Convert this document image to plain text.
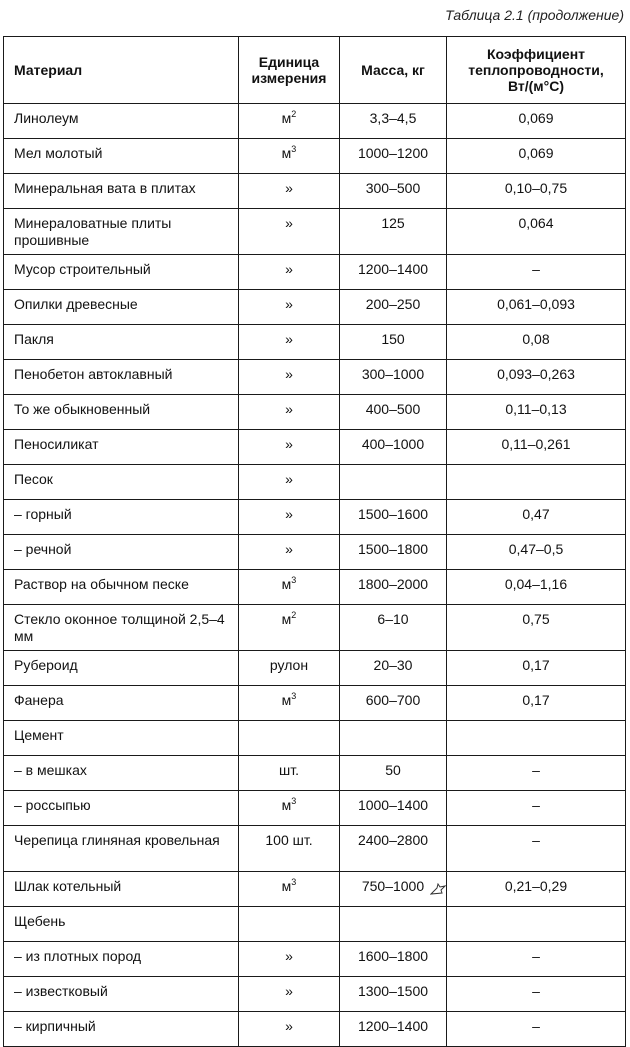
Таблица 2.1 (продолжение)
Материал	Единица измерения	Масса, кг	Коэффициент теплопроводности, Вт/(м°С)
Линолеум	$м^2$	3,3–4,5	0,069
Мел молотый	$м^3$	1000–1200	0,069
Минеральная вата в плитах	»	300–500	0,10–0,75
Минераловатные плиты прошивные	»	125	0,064
Мусор строительный	»	1200–1400	–
Опилки древесные	»	200–250	0,061–0,093
Пакля	»	150	0,08
Пенобетон автоклавный	»	300–1000	0,093–0,263
То же обыкновенный	»	400–500	0,11–0,13
Пеносиликат	»	400–1000	0,11–0,261
Песок	»		
– горный	»	1500–1600	0,47
– речной	»	1500–1800	0,47–0,5
Раствор на обычном песке	$м^3$	1800–2000	0,04–1,16
Стекло оконное толщиной 2,5–4 мм	$м^2$	6–10	0,75
Рубероид	рулон	20–30	0,17
Фанера	$м^3$	600–700	0,17
Цемент			
– в мешках	шт.	50	–
– россыпью	$м^3$	1000–1400	–
Черепица глиняная кровельная	100 шт.	2400–2800	–
Шлак котельный	$м^3$	750–1000	0,21–0,29
Щебень			
– из плотных пород	»	1600–1800	–
– известковый	»	1300–1500	–
– кирпичный	»	1200–1400	–
